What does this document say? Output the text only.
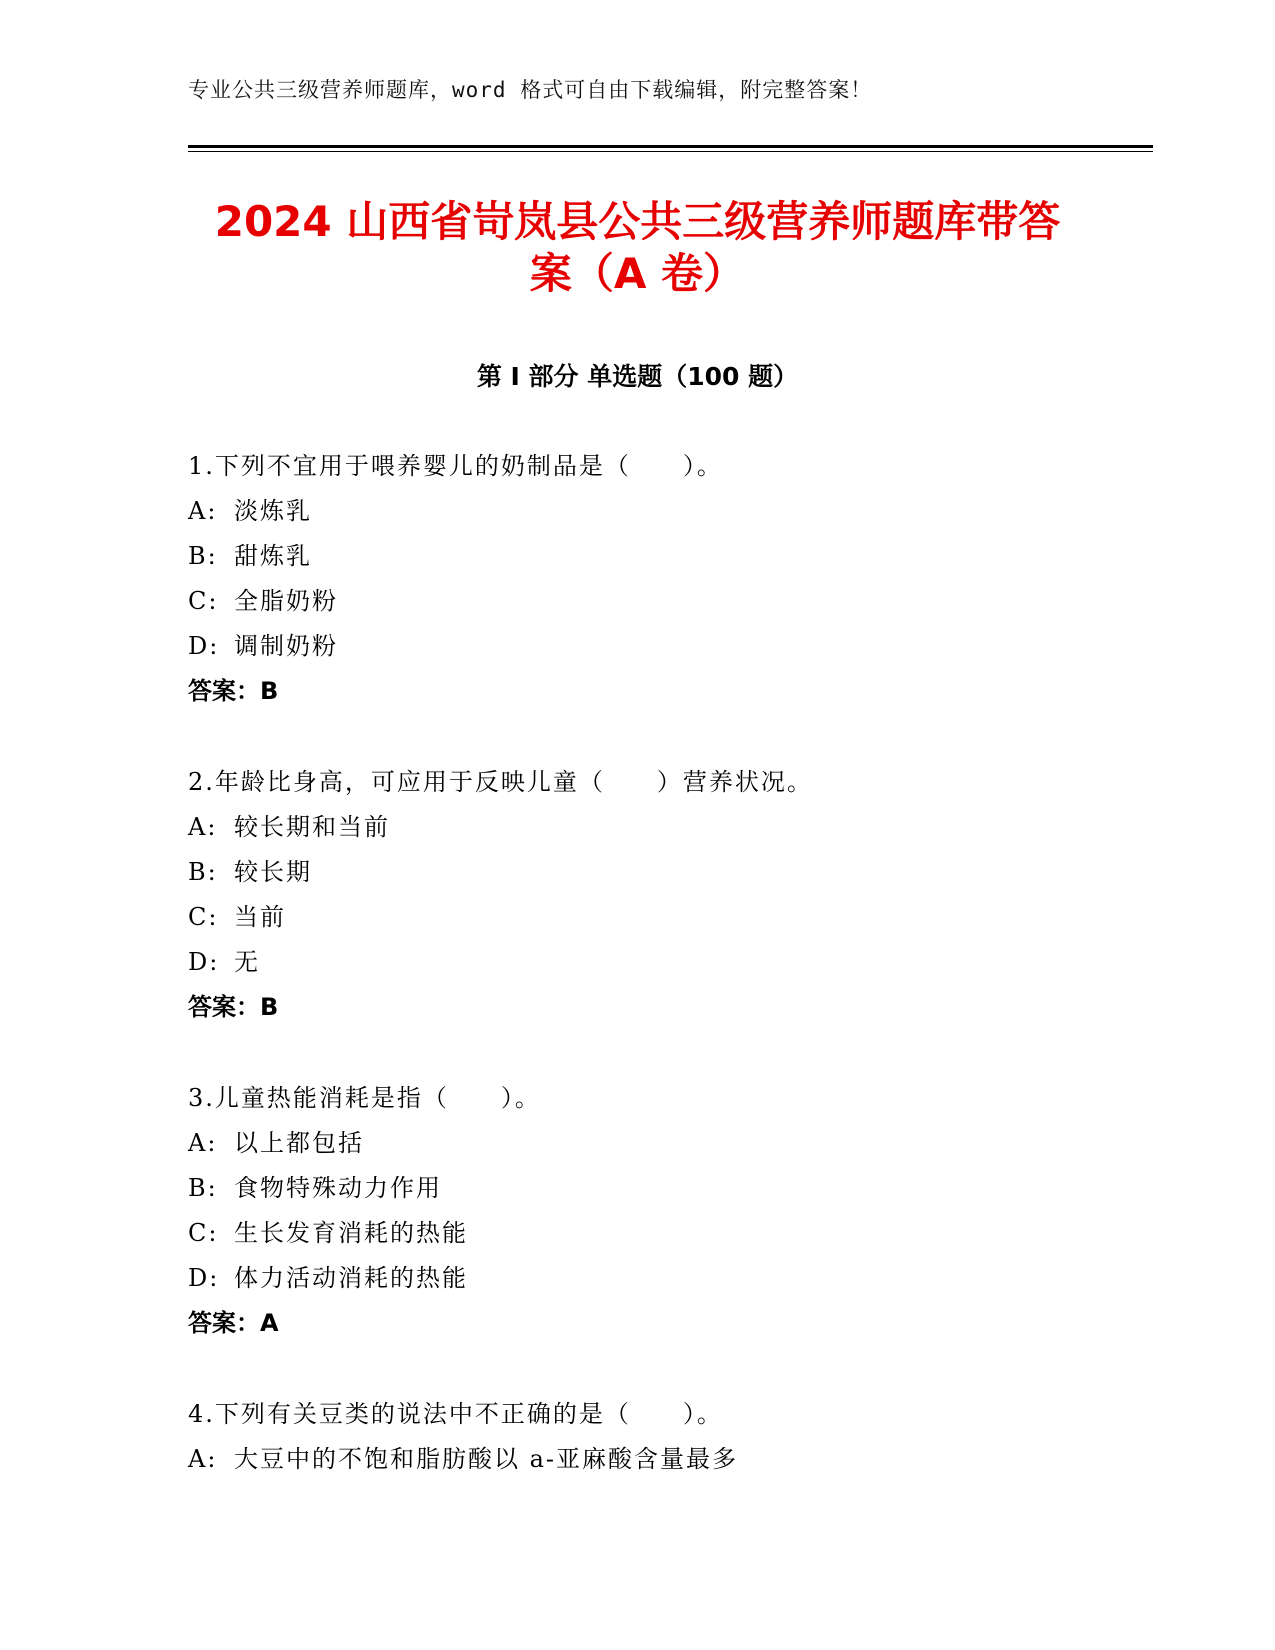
专业公共三级营养师题库，word 格式可自由下载编辑，附完整答案！
2024 山西省岢岚县公共三级营养师题库带答
案（A 卷）
第 I 部分 单选题（100 题）
1.下列不宜用于喂养婴儿的奶制品是（　　）。
A: 淡炼乳
B: 甜炼乳
C: 全脂奶粉
D: 调制奶粉
答案：B
2.年龄比身高，可应用于反映儿童（　　）营养状况。
A: 较长期和当前
B: 较长期
C: 当前
D: 无
答案：B
3.儿童热能消耗是指（　　）。
A: 以上都包括
B: 食物特殊动力作用
C: 生长发育消耗的热能
D: 体力活动消耗的热能
答案：A
4.下列有关豆类的说法中不正确的是（　　）。
A: 大豆中的不饱和脂肪酸以 a-亚麻酸含量最多
